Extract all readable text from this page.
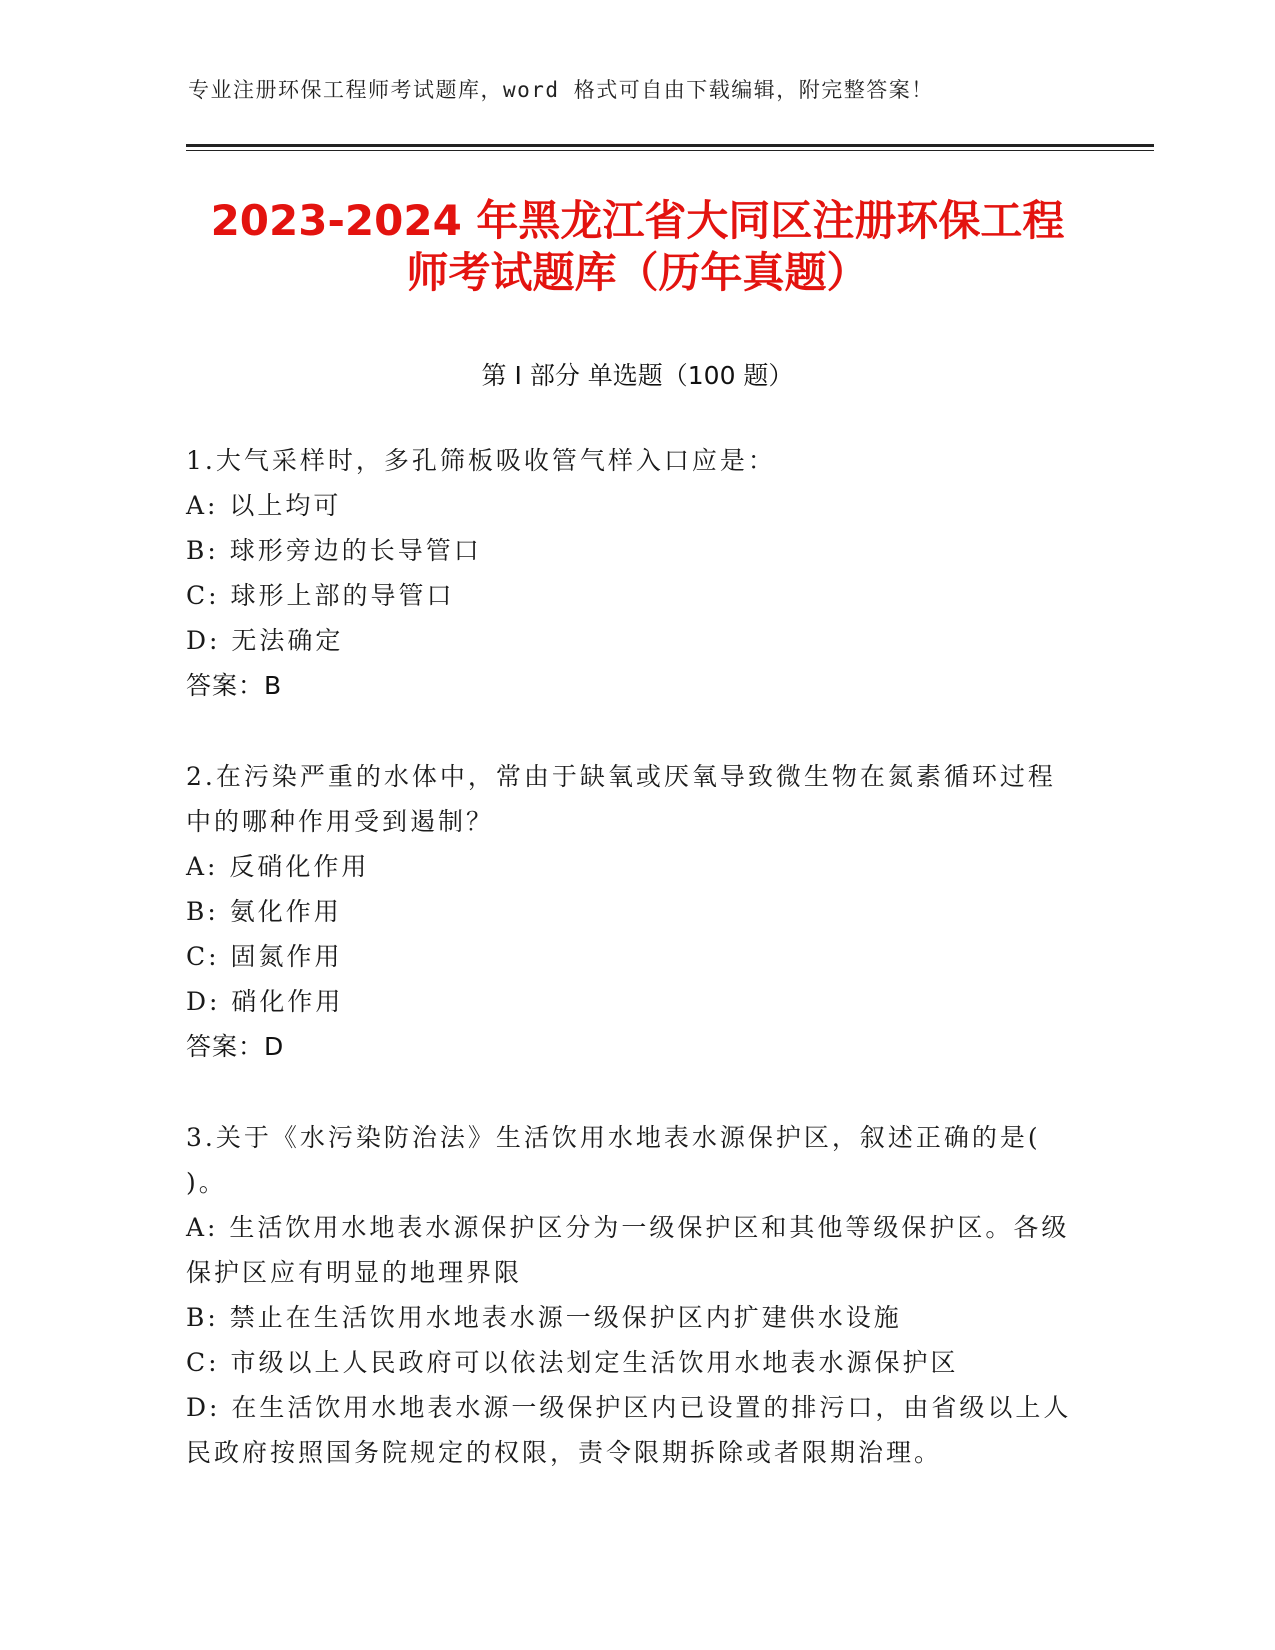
专业注册环保工程师考试题库，word 格式可自由下载编辑，附完整答案！
2023-2024 年黑龙江省大同区注册环保工程
师考试题库（历年真题）
第 I 部分 单选题（100 题）
1.大气采样时，多孔筛板吸收管气样入口应是：
A: 以上均可
B: 球形旁边的长导管口
C: 球形上部的导管口
D: 无法确定
答案：B
2.在污染严重的水体中，常由于缺氧或厌氧导致微生物在氮素循环过程中的哪种作用受到遏制？
A: 反硝化作用
B: 氨化作用
C: 固氮作用
D: 硝化作用
答案：D
3.关于《水污染防治法》生活饮用水地表水源保护区，叙述正确的是( )。
A: 生活饮用水地表水源保护区分为一级保护区和其他等级保护区。各级保护区应有明显的地理界限
B: 禁止在生活饮用水地表水源一级保护区内扩建供水设施
C: 市级以上人民政府可以依法划定生活饮用水地表水源保护区
D: 在生活饮用水地表水源一级保护区内已设置的排污口，由省级以上人民政府按照国务院规定的权限，责令限期拆除或者限期治理。
